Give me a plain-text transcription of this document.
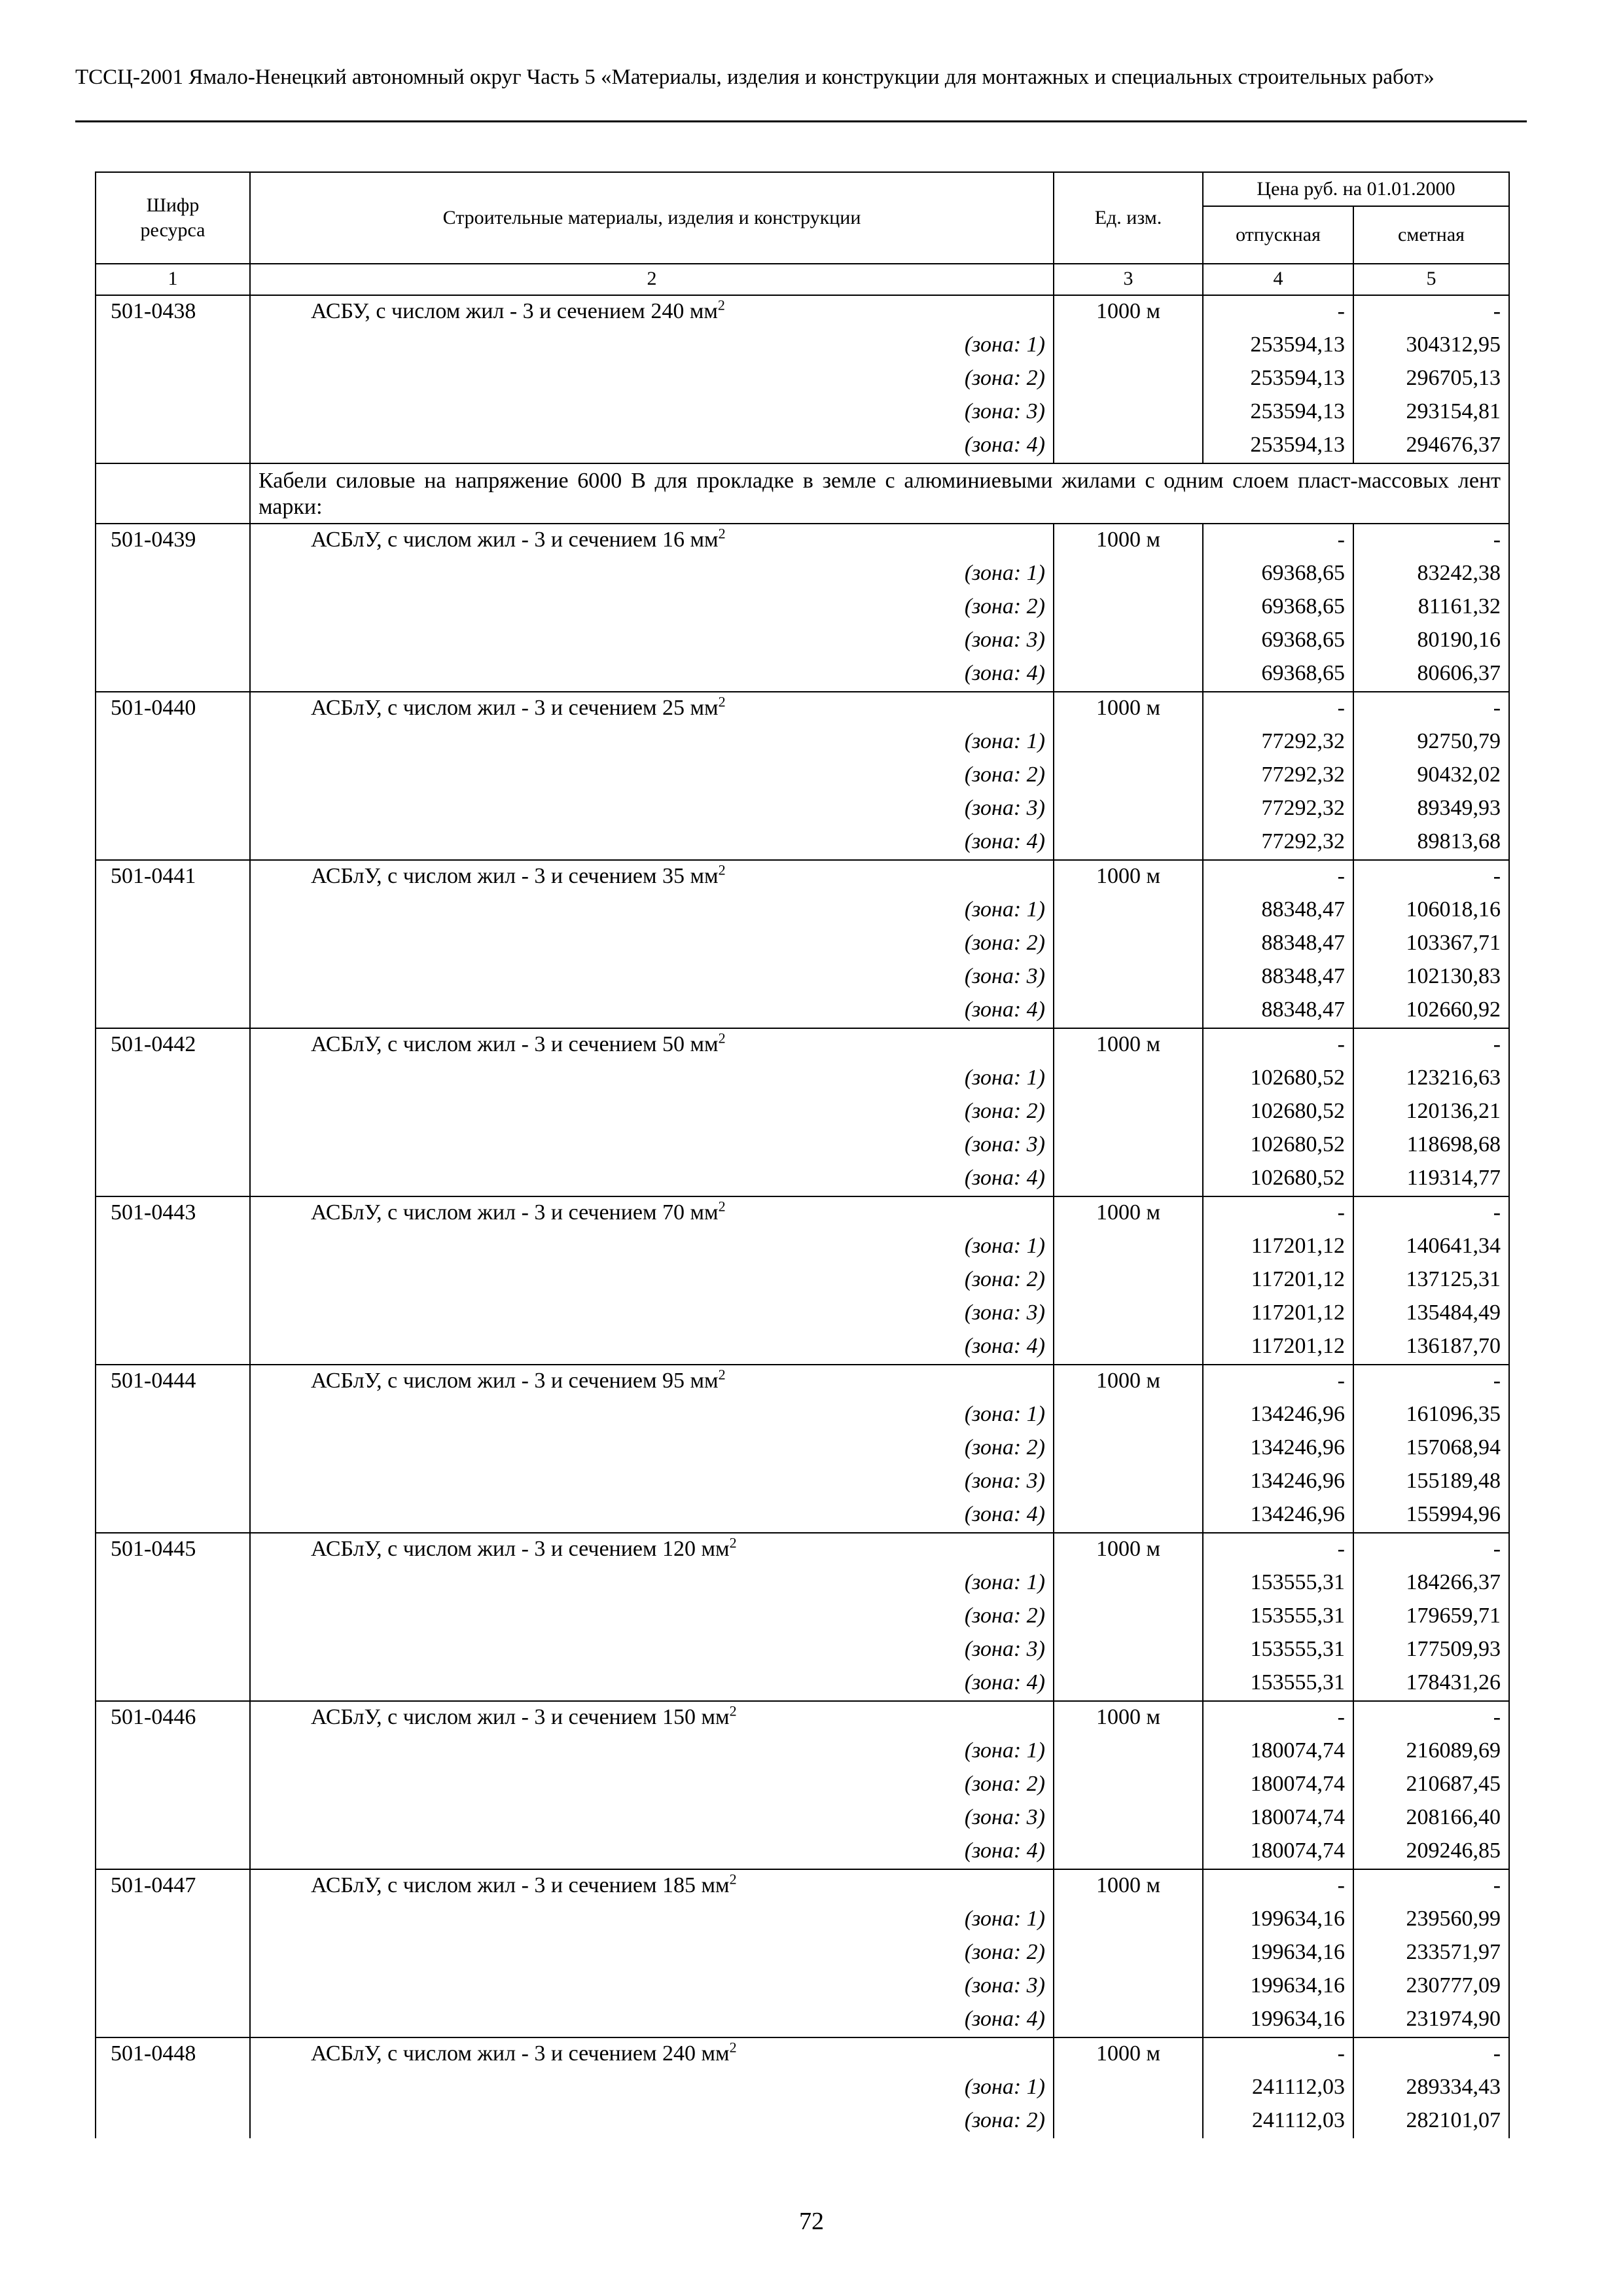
ТССЦ-2001 Ямало-Ненецкий автономный округ Часть 5 «Материалы, изделия и конструкции для монтажных и специальных строительных работ»
Шифр ресурса	Строительные материалы, изделия и конструкции	Ед. изм.	Цена руб. на 01.01.2000	
			отпускная	сметная
1	2	3	4	5
501-0438	АСБУ, с числом жил - 3 и сечением 240 $мм^2$	1000 м	-	-
	(зона: 1)		253594,13	304312,95
	(зона: 2)		253594,13	296705,13
	(зона: 3)		253594,13	293154,81
	(зона: 4)		253594,13	294676,37
	Кабели силовые на напряжение 6000 В для прокладке в земле с алюминиевыми жилами с одним слоем пласт-массовых лент марки:			
501-0439	АСБлУ, с числом жил - 3 и сечением 16 $мм^2$	1000 м	-	-
	(зона: 1)		69368,65	83242,38
	(зона: 2)		69368,65	81161,32
	(зона: 3)		69368,65	80190,16
	(зона: 4)		69368,65	80606,37
501-0440	АСБлУ, с числом жил - 3 и сечением 25 $мм^2$	1000 м	-	-
	(зона: 1)		77292,32	92750,79
	(зона: 2)		77292,32	90432,02
	(зона: 3)		77292,32	89349,93
	(зона: 4)		77292,32	89813,68
501-0441	АСБлУ, с числом жил - 3 и сечением 35 $мм^2$	1000 м	-	-
	(зона: 1)		88348,47	106018,16
	(зона: 2)		88348,47	103367,71
	(зона: 3)		88348,47	102130,83
	(зона: 4)		88348,47	102660,92
501-0442	АСБлУ, с числом жил - 3 и сечением 50 $мм^2$	1000 м	-	-
	(зона: 1)		102680,52	123216,63
	(зона: 2)		102680,52	120136,21
	(зона: 3)		102680,52	118698,68
	(зона: 4)		102680,52	119314,77
501-0443	АСБлУ, с числом жил - 3 и сечением 70 $мм^2$	1000 м	-	-
	(зона: 1)		117201,12	140641,34
	(зона: 2)		117201,12	137125,31
	(зона: 3)		117201,12	135484,49
	(зона: 4)		117201,12	136187,70
501-0444	АСБлУ, с числом жил - 3 и сечением 95 $мм^2$	1000 м	-	-
	(зона: 1)		134246,96	161096,35
	(зона: 2)		134246,96	157068,94
	(зона: 3)		134246,96	155189,48
	(зона: 4)		134246,96	155994,96
501-0445	АСБлУ, с числом жил - 3 и сечением 120 $мм^2$	1000 м	-	-
	(зона: 1)		153555,31	184266,37
	(зона: 2)		153555,31	179659,71
	(зона: 3)		153555,31	177509,93
	(зона: 4)		153555,31	178431,26
501-0446	АСБлУ, с числом жил - 3 и сечением 150 $мм^2$	1000 м	-	-
	(зона: 1)		180074,74	216089,69
	(зона: 2)		180074,74	210687,45
	(зона: 3)		180074,74	208166,40
	(зона: 4)		180074,74	209246,85
501-0447	АСБлУ, с числом жил - 3 и сечением 185 $мм^2$	1000 м	-	-
	(зона: 1)		199634,16	239560,99
	(зона: 2)		199634,16	233571,97
	(зона: 3)		199634,16	230777,09
	(зона: 4)		199634,16	231974,90
501-0448	АСБлУ, с числом жил - 3 и сечением 240 $мм^2$	1000 м	-	-
	(зона: 1)		241112,03	289334,43
	(зона: 2)		241112,03	282101,07
72
